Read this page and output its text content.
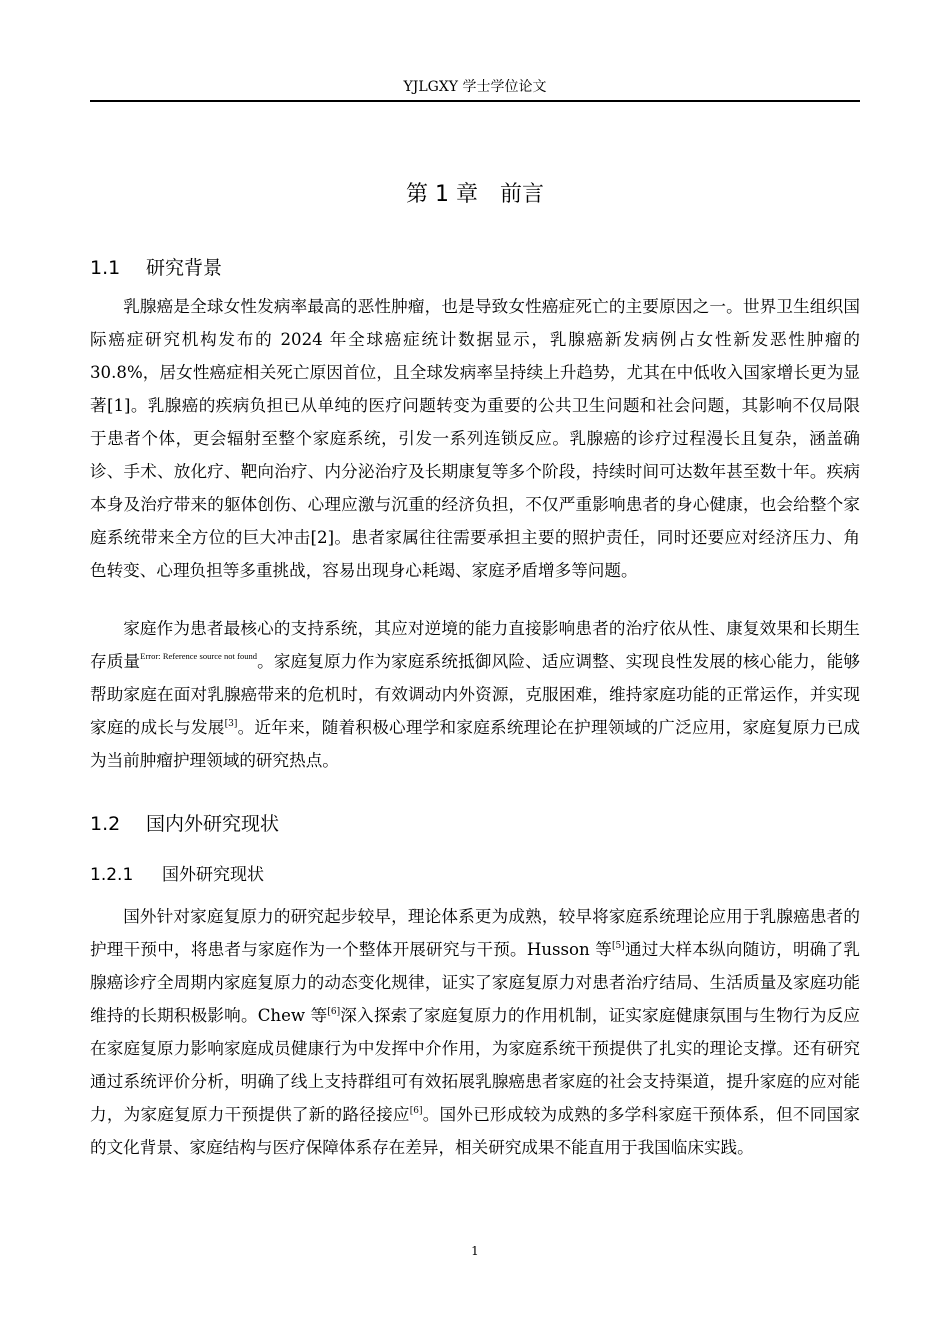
YJLGXY 学士学位论文
第 1 章　前言
1.1 研究背景

乳腺癌是全球女性发病率最高的恶性肿瘤，也是导致女性癌症死亡的主要原因之一。世界卫生组织国际癌症研究机构发布的 2024 年全球癌症统计数据显示，乳腺癌新发病例占女性新发恶性肿瘤的 30.8%，居女性癌症相关死亡原因首位，且全球发病率呈持续上升趋势，尤其在中低收入国家增长更为显著[1]。乳腺癌的疾病负担已从单纯的医疗问题转变为重要的公共卫生问题和社会问题，其影响不仅局限于患者个体，更会辐射至整个家庭系统，引发一系列连锁反应。乳腺癌的诊疗过程漫长且复杂，涵盖确诊、手术、放化疗、靶向治疗、内分泌治疗及长期康复等多个阶段，持续时间可达数年甚至数十年。疾病本身及治疗带来的躯体创伤、心理应激与沉重的经济负担，不仅严重影响患者的身心健康，也会给整个家庭系统带来全方位的巨大冲击[2]。患者家属往往需要承担主要的照护责任，同时还要应对经济压力、角色转变、心理负担等多重挑战，容易出现身心耗竭、家庭矛盾增多等问题。

家庭作为患者最核心的支持系统，其应对逆境的能力直接影响患者的治疗依从性、康复效果和长期生存质量$^{Error: Reference source not found}$。家庭复原力作为家庭系统抵御风险、适应调整、实现良性发展的核心能力，能够帮助家庭在面对乳腺癌带来的危机时，有效调动内外资源，克服困难，维持家庭功能的正常运作，并实现家庭的成长与发展[3]。近年来，随着积极心理学和家庭系统理论在护理领域的广泛应用，家庭复原力已成为当前肿瘤护理领域的研究热点。

1.2 国内外研究现状
1.2.1 国外研究现状

国外针对家庭复原力的研究起步较早，理论体系更为成熟，较早将家庭系统理论应用于乳腺癌患者的护理干预中，将患者与家庭作为一个整体开展研究与干预。Husson 等[5]通过大样本纵向随访，明确了乳腺癌诊疗全周期内家庭复原力的动态变化规律，证实了家庭复原力对患者治疗结局、生活质量及家庭功能维持的长期积极影响。Chew 等[6]深入探索了家庭复原力的作用机制，证实家庭健康氛围与生物行为反应在家庭复原力影响家庭成员健康行为中发挥中介作用，为家庭系统干预提供了扎实的理论支撑。还有研究通过系统评价分析，明确了线上支持群组可有效拓展乳腺癌患者家庭的社会支持渠道，提升家庭的应对能力，为家庭复原力干预提供了新的路径接应[6]。国外已形成较为成熟的多学科家庭干预体系，但不同国家的文化背景、家庭结构与医疗保障体系存在差异，相关研究成果不能直用于我国临床实践。

1
